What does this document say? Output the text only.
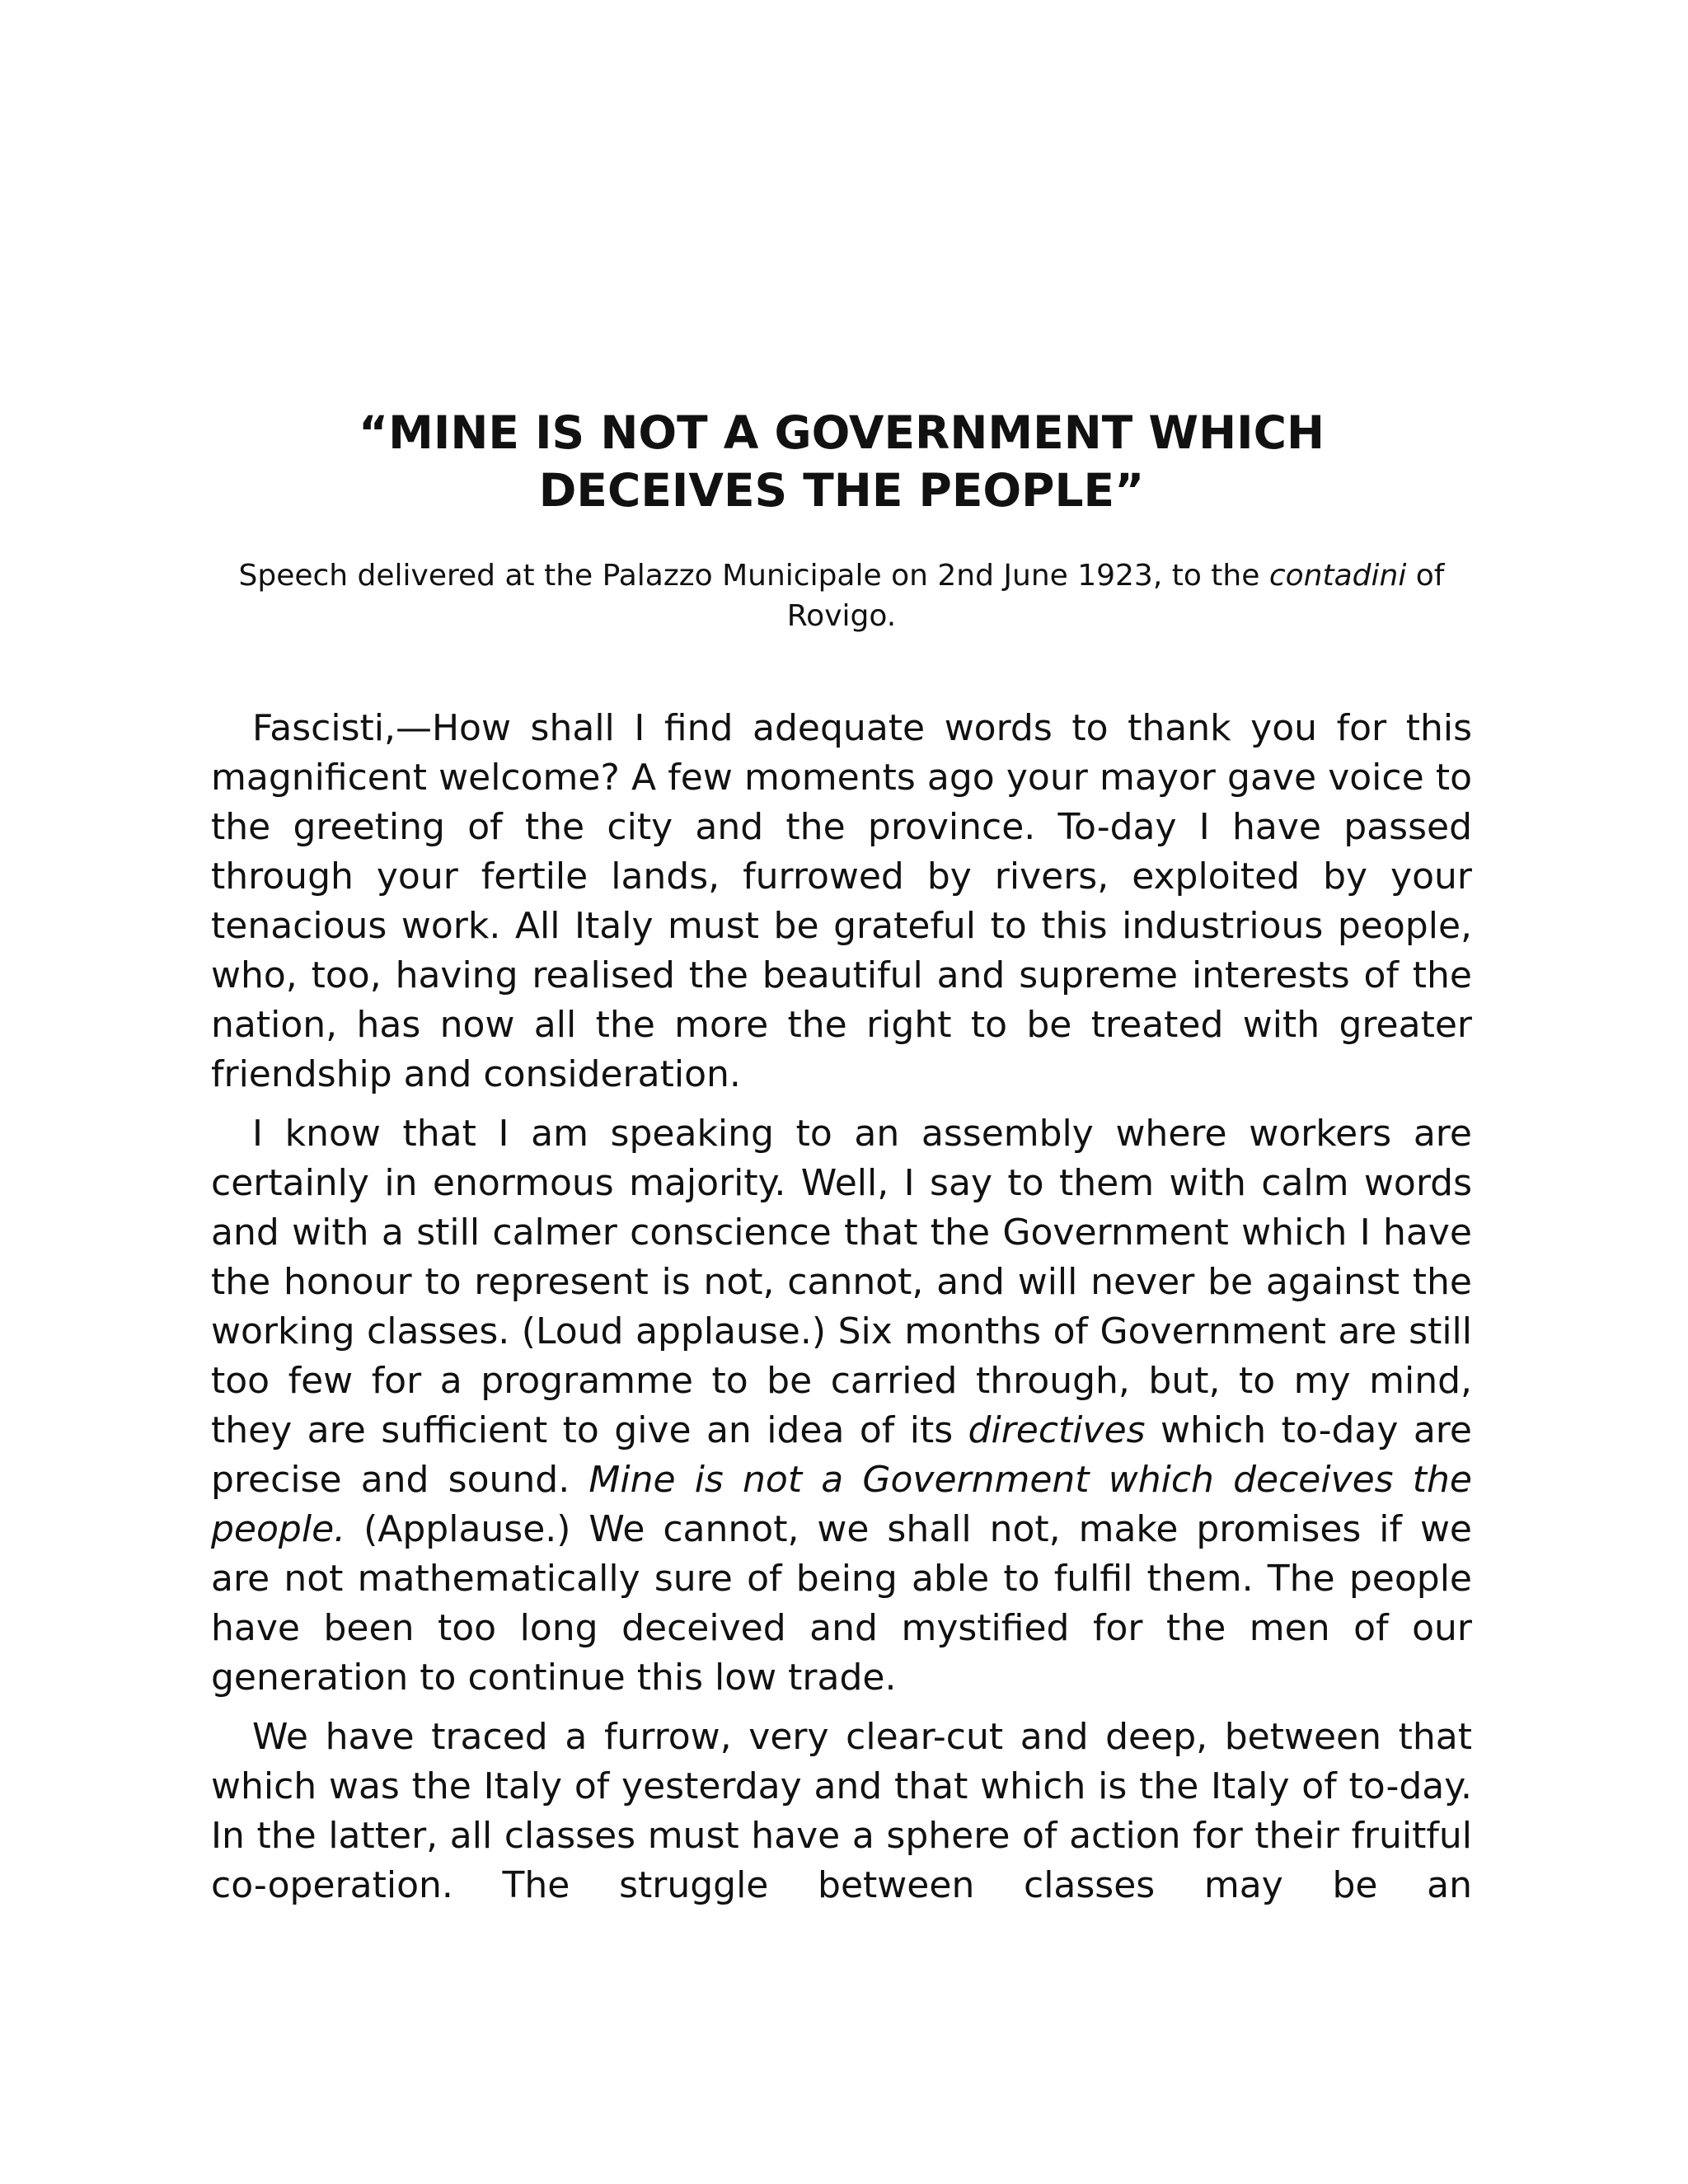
“MINE IS NOT A GOVERNMENT WHICH
DECEIVES THE PEOPLE”

Speech delivered at the Palazzo Municipale on 2nd June 1923, to the contadini of Rovigo.

Fascisti,—How shall I find adequate words to thank you for this magnificent welcome? A few moments ago your mayor gave voice to the greeting of the city and the province. To-day I have passed through your fertile lands, furrowed by rivers, exploited by your tenacious work. All Italy must be grateful to this industrious people, who, too, having realised the beautiful and supreme interests of the nation, has now all the more the right to be treated with greater friendship and consideration.

I know that I am speaking to an assembly where workers are certainly in enormous majority. Well, I say to them with calm words and with a still calmer conscience that the Government which I have the honour to represent is not, cannot, and will never be against the working classes. (Loud applause.) Six months of Government are still too few for a programme to be carried through, but, to my mind, they are sufficient to give an idea of its directives which to-day are precise and sound. Mine is not a Government which deceives the people. (Applause.) We cannot, we shall not, make promises if we are not mathematically sure of being able to fulfil them. The people have been too long deceived and mystified for the men of our generation to continue this low trade.

We have traced a furrow, very clear-cut and deep, between that which was the Italy of yesterday and that which is the Italy of to-day. In the latter, all classes must have a sphere of action for their fruitful co-operation. The struggle between classes may be an
